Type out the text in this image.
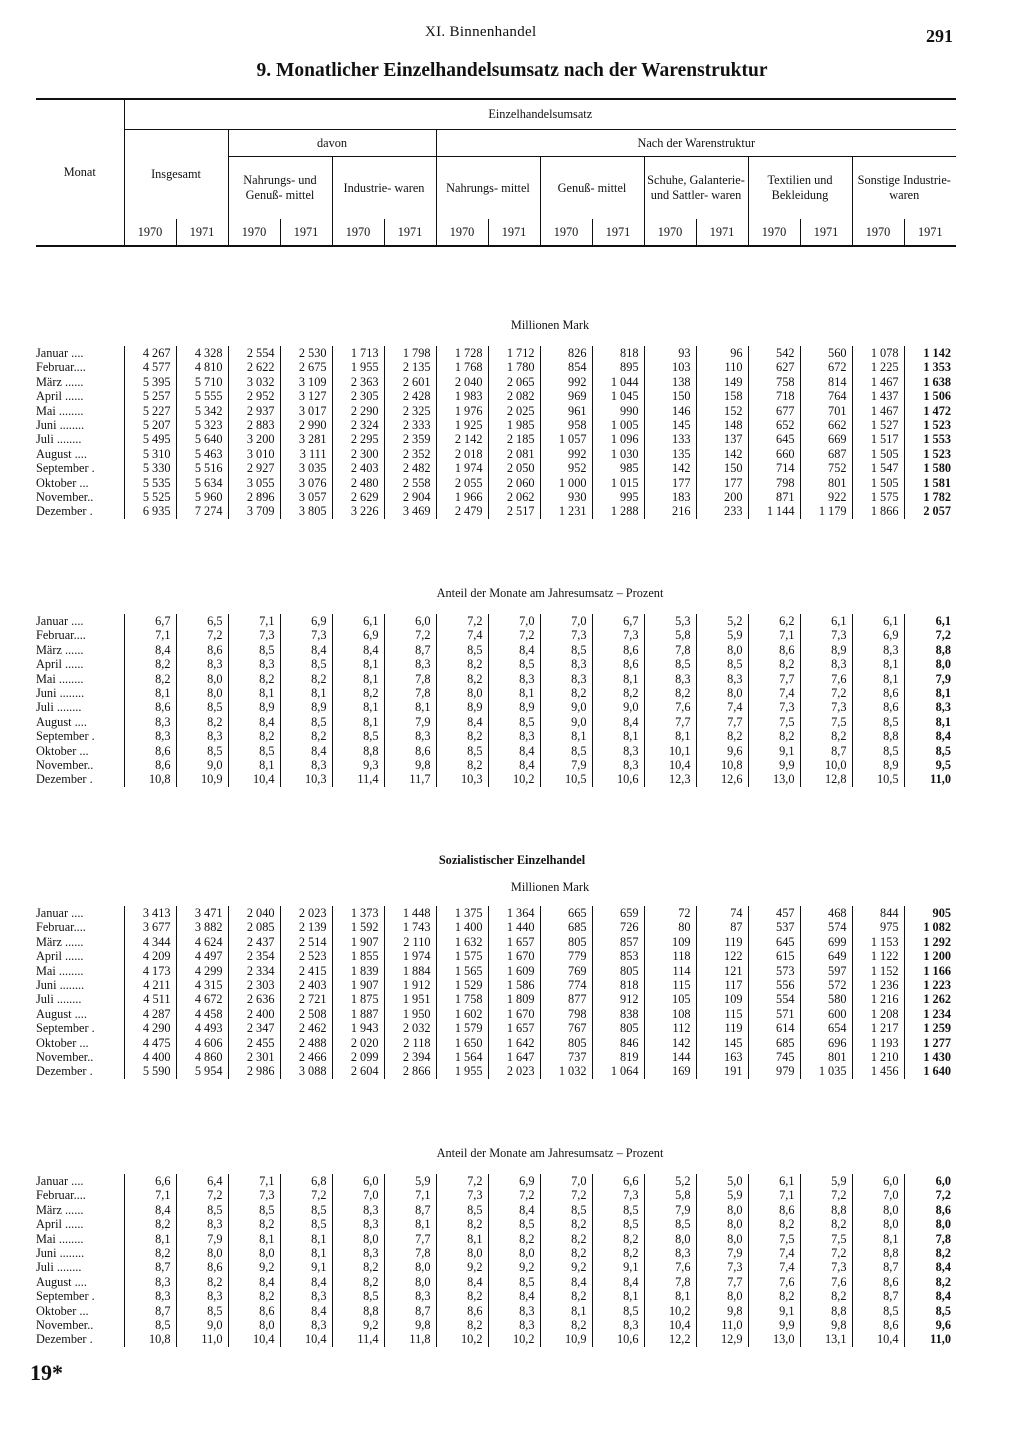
XI. Binnenhandel	291
9. Monatlicher Einzelhandelsumsatz nach der Warenstruktur
Monat	Einzelhandelsumsatz															
	Insgesamt		davon				Nach der Warenstruktur									
			Nahrungs- und Genuß- mittel		Industrie- waren		Nahrungs- mittel		Genuß- mittel		Schuhe, Galanterie- und Sattler- waren		Textilien und Bekleidung		Sonstige Industrie- waren	
	1970	1971	1970	1971	1970	1971	1970	1971	1970	1971	1970	1971	1970	1971	1970	1971
Millionen Mark
Januar ....	4 267	4 328	2 554	2 530	1 713	1 798	1 728	1 712	826	818	93	96	542	560	1 078	1 142
Februar....	4 577	4 810	2 622	2 675	1 955	2 135	1 768	1 780	854	895	103	110	627	672	1 225	1 353
März ......	5 395	5 710	3 032	3 109	2 363	2 601	2 040	2 065	992	1 044	138	149	758	814	1 467	1 638
April ......	5 257	5 555	2 952	3 127	2 305	2 428	1 983	2 082	969	1 045	150	158	718	764	1 437	1 506
Mai ........	5 227	5 342	2 937	3 017	2 290	2 325	1 976	2 025	961	990	146	152	677	701	1 467	1 472
Juni ........	5 207	5 323	2 883	2 990	2 324	2 333	1 925	1 985	958	1 005	145	148	652	662	1 527	1 523
Juli ........	5 495	5 640	3 200	3 281	2 295	2 359	2 142	2 185	1 057	1 096	133	137	645	669	1 517	1 553
August ....	5 310	5 463	3 010	3 111	2 300	2 352	2 018	2 081	992	1 030	135	142	660	687	1 505	1 523
September .	5 330	5 516	2 927	3 035	2 403	2 482	1 974	2 050	952	985	142	150	714	752	1 547	1 580
Oktober ...	5 535	5 634	3 055	3 076	2 480	2 558	2 055	2 060	1 000	1 015	177	177	798	801	1 505	1 581
November..	5 525	5 960	2 896	3 057	2 629	2 904	1 966	2 062	930	995	183	200	871	922	1 575	1 782
Dezember .	6 935	7 274	3 709	3 805	3 226	3 469	2 479	2 517	1 231	1 288	216	233	1 144	1 179	1 866	2 057
Anteil der Monate am Jahresumsatz – Prozent
Januar ....	6,7	6,5	7,1	6,9	6,1	6,0	7,2	7,0	7,0	6,7	5,3	5,2	6,2	6,1	6,1	6,1
Februar....	7,1	7,2	7,3	7,3	6,9	7,2	7,4	7,2	7,3	7,3	5,8	5,9	7,1	7,3	6,9	7,2
März ......	8,4	8,6	8,5	8,4	8,4	8,7	8,5	8,4	8,5	8,6	7,8	8,0	8,6	8,9	8,3	8,8
April ......	8,2	8,3	8,3	8,5	8,1	8,3	8,2	8,5	8,3	8,6	8,5	8,5	8,2	8,3	8,1	8,0
Mai ........	8,2	8,0	8,2	8,2	8,1	7,8	8,2	8,3	8,3	8,1	8,3	8,3	7,7	7,6	8,1	7,9
Juni ........	8,1	8,0	8,1	8,1	8,2	7,8	8,0	8,1	8,2	8,2	8,2	8,0	7,4	7,2	8,6	8,1
Juli ........	8,6	8,5	8,9	8,9	8,1	8,1	8,9	8,9	9,0	9,0	7,6	7,4	7,3	7,3	8,6	8,3
August ....	8,3	8,2	8,4	8,5	8,1	7,9	8,4	8,5	9,0	8,4	7,7	7,7	7,5	7,5	8,5	8,1
September .	8,3	8,3	8,2	8,2	8,5	8,3	8,2	8,3	8,1	8,1	8,1	8,2	8,2	8,2	8,8	8,4
Oktober ...	8,6	8,5	8,5	8,4	8,8	8,6	8,5	8,4	8,5	8,3	10,1	9,6	9,1	8,7	8,5	8,5
November..	8,6	9,0	8,1	8,3	9,3	9,8	8,2	8,4	7,9	8,3	10,4	10,8	9,9	10,0	8,9	9,5
Dezember .	10,8	10,9	10,4	10,3	11,4	11,7	10,3	10,2	10,5	10,6	12,3	12,6	13,0	12,8	10,5	11,0
Sozialistischer Einzelhandel
Millionen Mark
Januar ....	3 413	3 471	2 040	2 023	1 373	1 448	1 375	1 364	665	659	72	74	457	468	844	905
Februar....	3 677	3 882	2 085	2 139	1 592	1 743	1 400	1 440	685	726	80	87	537	574	975	1 082
März ......	4 344	4 624	2 437	2 514	1 907	2 110	1 632	1 657	805	857	109	119	645	699	1 153	1 292
April ......	4 209	4 497	2 354	2 523	1 855	1 974	1 575	1 670	779	853	118	122	615	649	1 122	1 200
Mai ........	4 173	4 299	2 334	2 415	1 839	1 884	1 565	1 609	769	805	114	121	573	597	1 152	1 166
Juni ........	4 211	4 315	2 303	2 403	1 907	1 912	1 529	1 586	774	818	115	117	556	572	1 236	1 223
Juli ........	4 511	4 672	2 636	2 721	1 875	1 951	1 758	1 809	877	912	105	109	554	580	1 216	1 262
August ....	4 287	4 458	2 400	2 508	1 887	1 950	1 602	1 670	798	838	108	115	571	600	1 208	1 234
September .	4 290	4 493	2 347	2 462	1 943	2 032	1 579	1 657	767	805	112	119	614	654	1 217	1 259
Oktober ...	4 475	4 606	2 455	2 488	2 020	2 118	1 650	1 642	805	846	142	145	685	696	1 193	1 277
November..	4 400	4 860	2 301	2 466	2 099	2 394	1 564	1 647	737	819	144	163	745	801	1 210	1 430
Dezember .	5 590	5 954	2 986	3 088	2 604	2 866	1 955	2 023	1 032	1 064	169	191	979	1 035	1 456	1 640
Anteil der Monate am Jahresumsatz – Prozent
Januar ....	6,6	6,4	7,1	6,8	6,0	5,9	7,2	6,9	7,0	6,6	5,2	5,0	6,1	5,9	6,0	6,0
Februar....	7,1	7,2	7,3	7,2	7,0	7,1	7,3	7,2	7,2	7,3	5,8	5,9	7,1	7,2	7,0	7,2
März ......	8,4	8,5	8,5	8,5	8,3	8,7	8,5	8,4	8,5	8,5	7,9	8,0	8,6	8,8	8,0	8,6
April ......	8,2	8,3	8,2	8,5	8,3	8,1	8,2	8,5	8,2	8,5	8,5	8,0	8,2	8,2	8,0	8,0
Mai ........	8,1	7,9	8,1	8,1	8,0	7,7	8,1	8,2	8,2	8,2	8,0	8,0	7,5	7,5	8,1	7,8
Juni ........	8,2	8,0	8,0	8,1	8,3	7,8	8,0	8,0	8,2	8,2	8,3	7,9	7,4	7,2	8,8	8,2
Juli ........	8,7	8,6	9,2	9,1	8,2	8,0	9,2	9,2	9,2	9,1	7,6	7,3	7,4	7,3	8,7	8,4
August ....	8,3	8,2	8,4	8,4	8,2	8,0	8,4	8,5	8,4	8,4	7,8	7,7	7,6	7,6	8,6	8,2
September .	8,3	8,3	8,2	8,3	8,5	8,3	8,2	8,4	8,2	8,1	8,1	8,0	8,2	8,2	8,7	8,4
Oktober ...	8,7	8,5	8,6	8,4	8,8	8,7	8,6	8,3	8,1	8,5	10,2	9,8	9,1	8,8	8,5	8,5
November..	8,5	9,0	8,0	8,3	9,2	9,8	8,2	8,3	8,2	8,3	10,4	11,0	9,9	9,8	8,6	9,6
Dezember .	10,8	11,0	10,4	10,4	11,4	11,8	10,2	10,2	10,9	10,6	12,2	12,9	13,0	13,1	10,4	11,0
19*
